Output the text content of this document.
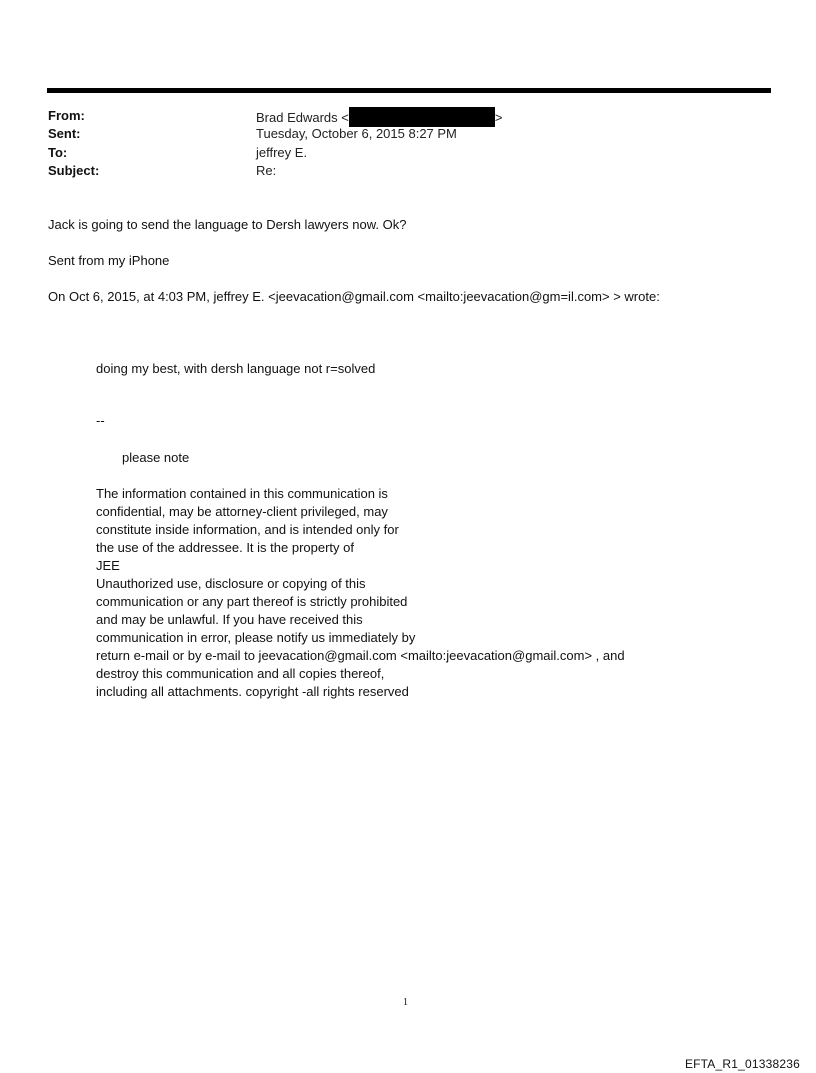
From:	Brad Edwards <	>
Sent:	Tuesday, October 6, 2015 8:27 PM
To:	jeffrey E.
Subject:	Re:
Jack is going to send the language to Dersh lawyers now. Ok?
Sent from my iPhone
On Oct 6, 2015, at 4:03 PM, jeffrey E. <jeevacation@gmail.com <mailto:jeevacation@gm=il.com> > wrote:
doing my best, with dersh language not r=solved
--
please note
The information contained in this communication is
confidential, may be attorney-client privileged, may
constitute inside information, and is intended only for
the use of the addressee. It is the property of
JEE
Unauthorized use, disclosure or copying of this
communication or any part thereof is strictly prohibited
and may be unlawful. If you have received this
communication in error, please notify us immediately by
return e-mail or by e-mail to jeevacation@gmail.com <mailto:jeevacation@gmail.com> , and
destroy this communication and all copies thereof,
including all attachments. copyright -all rights reserved
1
EFTA_R1_01338236
